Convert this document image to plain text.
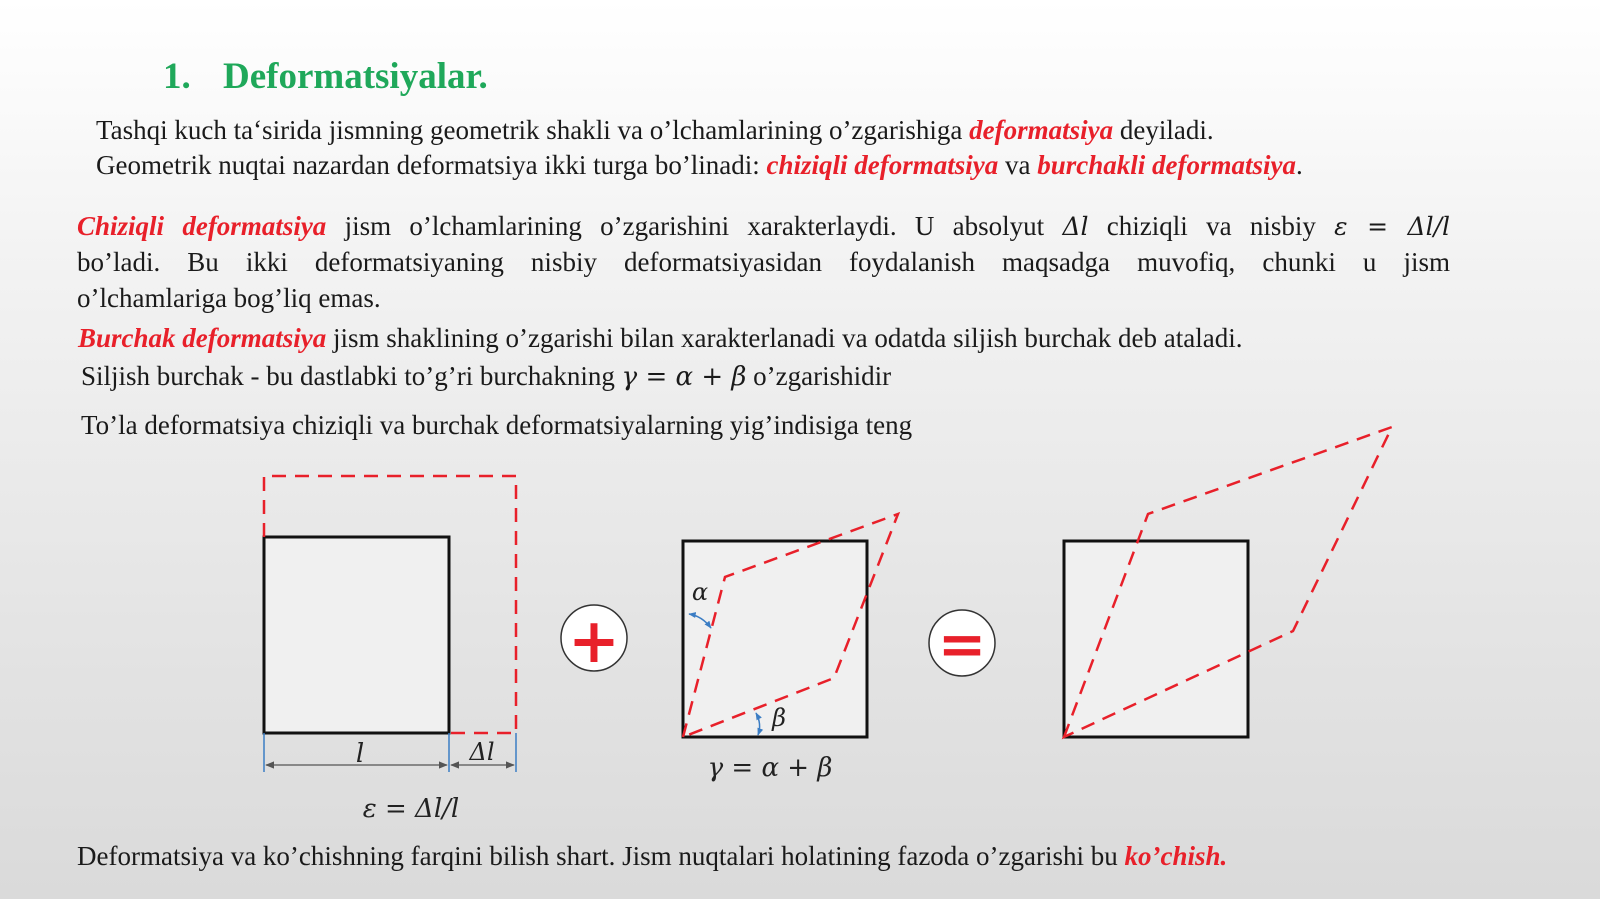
1. Deformatsiyalar.
Tashqi kuch ta‘sirida jismning geometrik shakli va o’lchamlarining o’zgarishiga deformatsiya deyiladi.
Geometrik nuqtai nazardan deformatsiya ikki turga bo’linadi: chiziqli deformatsiya va burchakli deformatsiya.
Chiziqli deformatsiya jism o’lchamlarining o’zgarishini xarakterlaydi. U absolyut Δ𝑙 chiziqli va nisbiy 𝜀 = Δ𝑙/𝑙
bo’ladi. Bu ikki deformatsiyaning nisbiy deformatsiyasidan foydalanish maqsadga muvofiq, chunki u jism
o’lchamlariga bog’liq emas.
Burchak deformatsiya jism shaklining o’zgarishi bilan xarakterlanadi va odatda siljish burchak deb ataladi.
Siljish burchak - bu dastlabki to’g’ri burchakning 𝛾 = 𝛼 + 𝛽 o’zgarishidir
To’la deformatsiya chiziqli va burchak deformatsiyalarning yig’indisiga teng
𝑙	Δ𝑙
𝜀 = Δ𝑙/𝑙
+
𝛼
𝛽
𝛾 = 𝛼 + 𝛽
=
Deformatsiya va ko’chishning farqini bilish shart. Jism nuqtalari holatining fazoda o’zgarishi bu ko’chish.
